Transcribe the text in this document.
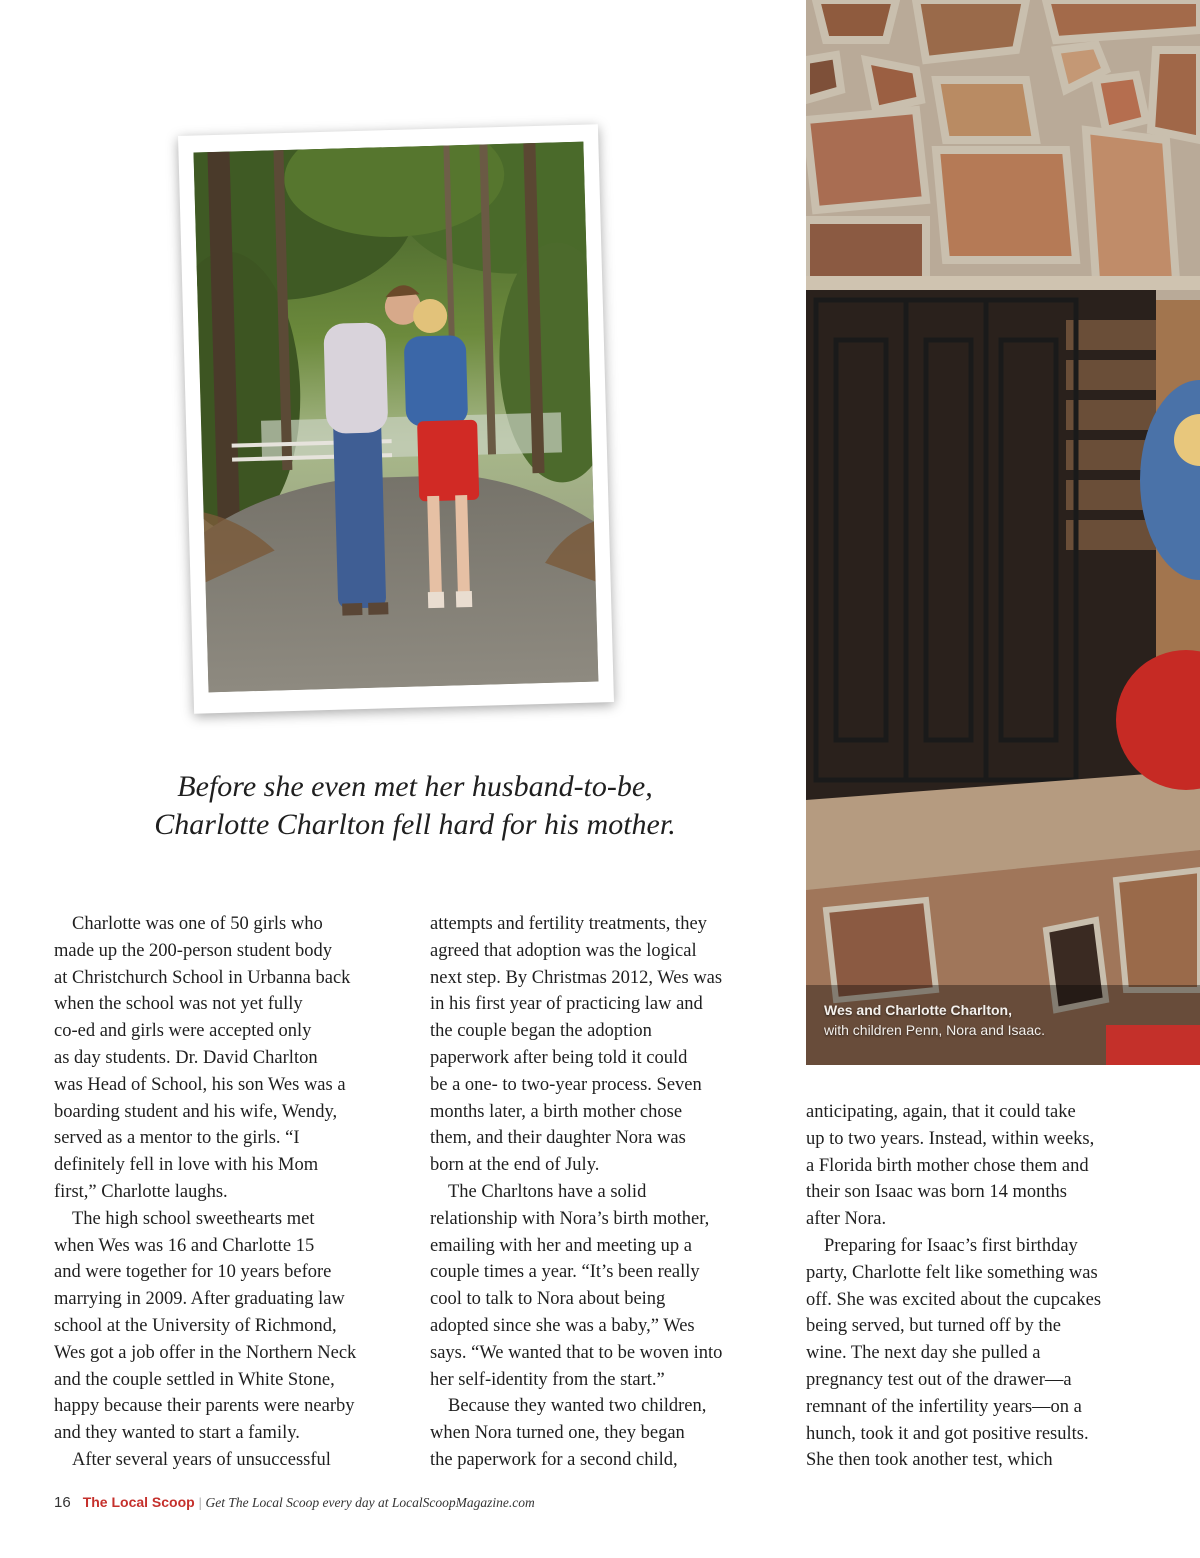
Wes and Charlotte Charlton,
with children Penn, Nora and Isaac.
Before she even met her husband-to-be,
Charlotte Charlton fell hard for his mother.
Charlotte was one of 50 girls who
made up the 200-person student body
at Christchurch School in Urbanna back
when the school was not yet fully
co-ed and girls were accepted only
as day students. Dr. David Charlton
was Head of School, his son Wes was a
boarding student and his wife, Wendy,
served as a mentor to the girls. “I
definitely fell in love with his Mom
first,” Charlotte laughs.
The high school sweethearts met
when Wes was 16 and Charlotte 15
and were together for 10 years before
marrying in 2009. After graduating law
school at the University of Richmond,
Wes got a job offer in the Northern Neck
and the couple settled in White Stone,
happy because their parents were nearby
and they wanted to start a family.
After several years of unsuccessful
attempts and fertility treatments, they
agreed that adoption was the logical
next step. By Christmas 2012, Wes was
in his first year of practicing law and
the couple began the adoption
paperwork after being told it could
be a one- to two-year process. Seven
months later, a birth mother chose
them, and their daughter Nora was
born at the end of July.
The Charltons have a solid
relationship with Nora’s birth mother,
emailing with her and meeting up a
couple times a year. “It’s been really
cool to talk to Nora about being
adopted since she was a baby,” Wes
says. “We wanted that to be woven into
her self-identity from the start.”
Because they wanted two children,
when Nora turned one, they began
the paperwork for a second child,
anticipating, again, that it could take
up to two years. Instead, within weeks,
a Florida birth mother chose them and
their son Isaac was born 14 months
after Nora.
Preparing for Isaac’s first birthday
party, Charlotte felt like something was
off. She was excited about the cupcakes
being served, but turned off by the
wine. The next day she pulled a
pregnancy test out of the drawer—a
remnant of the infertility years—on a
hunch, took it and got positive results.
She then took another test, which
16 The Local Scoop | Get The Local Scoop every day at LocalScoopMagazine.com
